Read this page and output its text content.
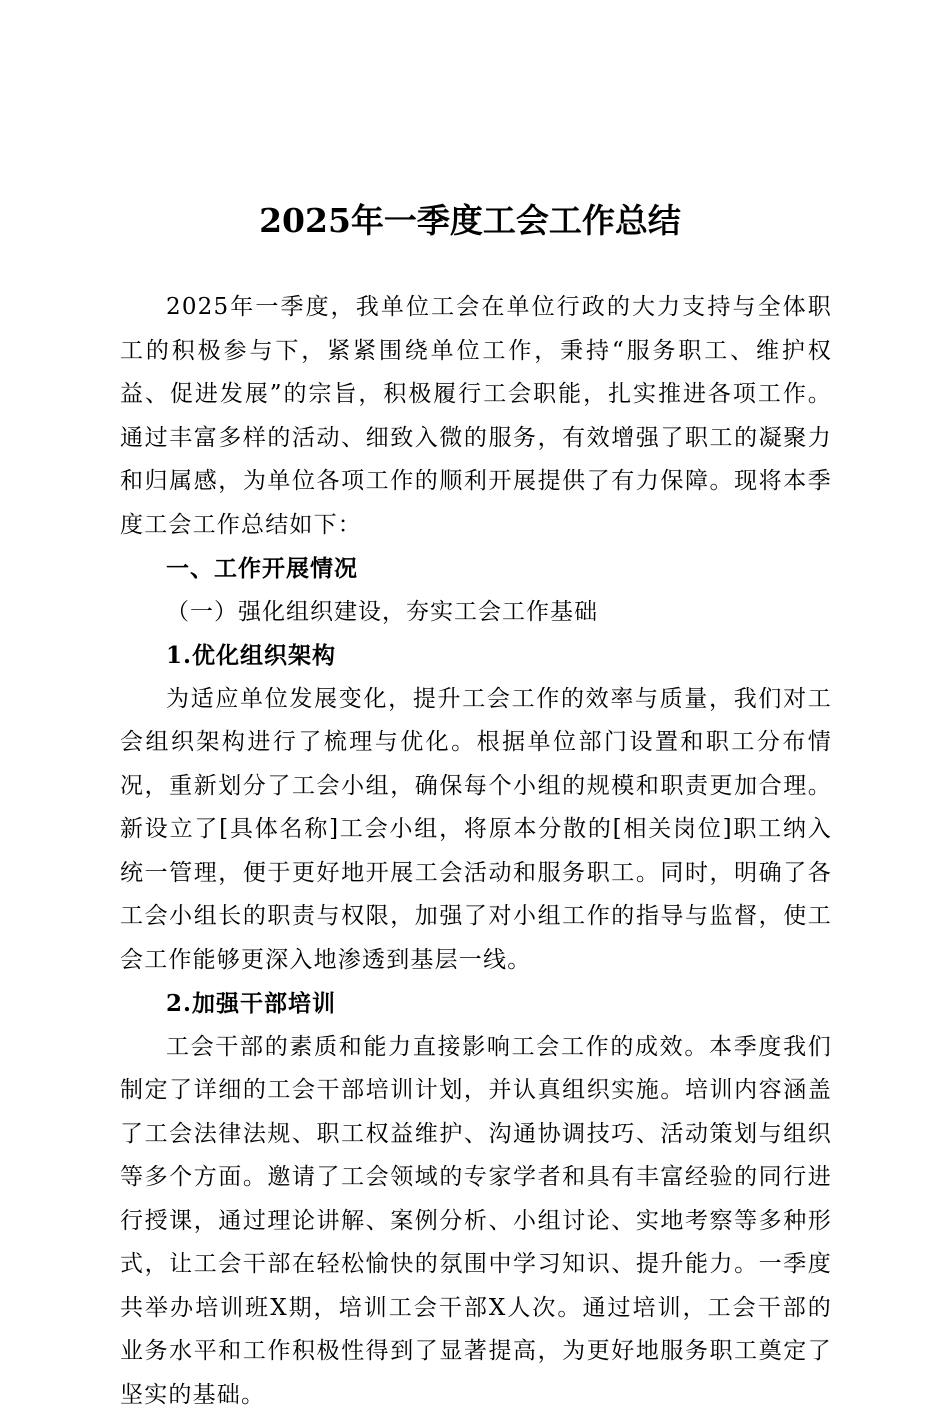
2025年一季度工会工作总结

2025年一季度，我单位工会在单位行政的大力支持与全体职工的积极参与下，紧紧围绕单位工作，秉持“服务职工、维护权益、促进发展”的宗旨，积极履行工会职能，扎实推进各项工作。通过丰富多样的活动、细致入微的服务，有效增强了职工的凝聚力和归属感，为单位各项工作的顺利开展提供了有力保障。现将本季度工会工作总结如下：

一、工作开展情况

（一）强化组织建设，夯实工会工作基础

1.优化组织架构

为适应单位发展变化，提升工会工作的效率与质量，我们对工会组织架构进行了梳理与优化。根据单位部门设置和职工分布情况，重新划分了工会小组，确保每个小组的规模和职责更加合理。新设立了[具体名称]工会小组，将原本分散的[相关岗位]职工纳入统一管理，便于更好地开展工会活动和服务职工。同时，明确了各工会小组长的职责与权限，加强了对小组工作的指导与监督，使工会工作能够更深入地渗透到基层一线。

2.加强干部培训

工会干部的素质和能力直接影响工会工作的成效。本季度我们制定了详细的工会干部培训计划，并认真组织实施。培训内容涵盖了工会法律法规、职工权益维护、沟通协调技巧、活动策划与组织等多个方面。邀请了工会领域的专家学者和具有丰富经验的同行进行授课，通过理论讲解、案例分析、小组讨论、实地考察等多种形式，让工会干部在轻松愉快的氛围中学习知识、提升能力。一季度共举办培训班X期，培训工会干部X人次。通过培训，工会干部的业务水平和工作积极性得到了显著提高，为更好地服务职工奠定了坚实的基础。
